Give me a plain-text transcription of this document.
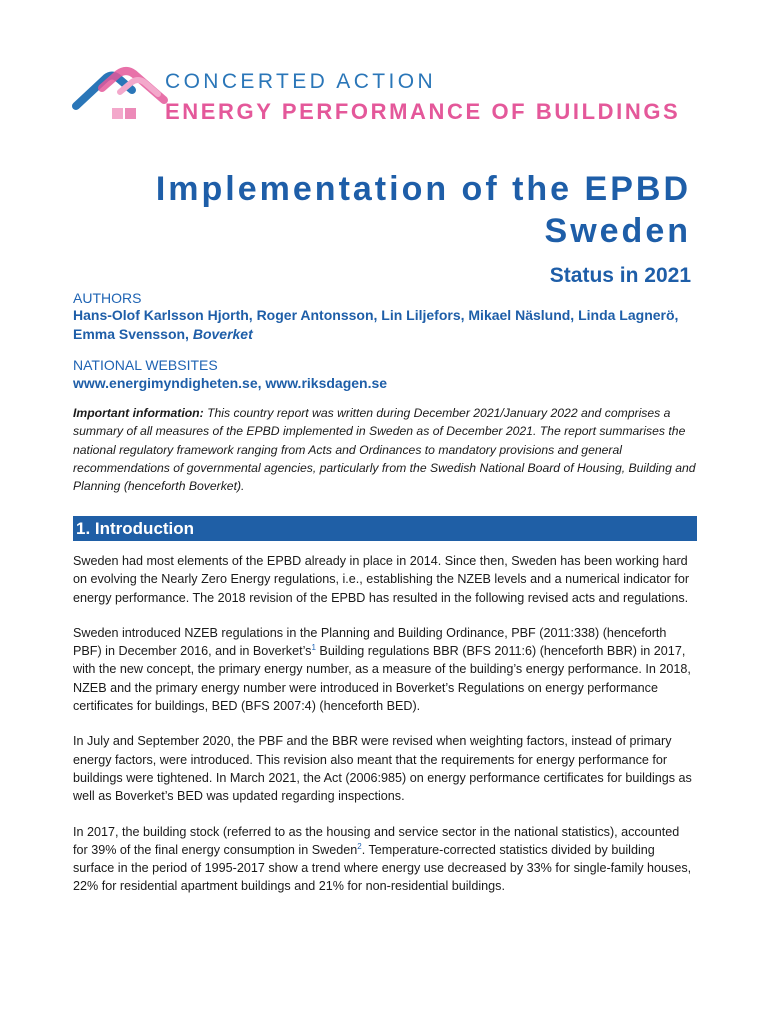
CONCERTED ACTION
ENERGY PERFORMANCE OF BUILDINGS
Implementation of the EPBD
Sweden
Status in 2021
AUTHORS
Hans-Olof Karlsson Hjorth, Roger Antonsson, Lin Liljefors, Mikael Näslund, Linda Lagnerö, Emma Svensson, Boverket
NATIONAL WEBSITES
www.energimyndigheten.se, www.riksdagen.se
Important information: This country report was written during December 2021/January 2022 and comprises a summary of all measures of the EPBD implemented in Sweden as of December 2021. The report summarises the national regulatory framework ranging from Acts and Ordinances to mandatory provisions and general recommendations of governmental agencies, particularly from the Swedish National Board of Housing, Building and Planning (henceforth Boverket).
1. Introduction

Sweden had most elements of the EPBD already in place in 2014. Since then, Sweden has been working hard on evolving the Nearly Zero Energy regulations, i.e., establishing the NZEB levels and a numerical indicator for energy performance. The 2018 revision of the EPBD has resulted in the following revised acts and regulations.

Sweden introduced NZEB regulations in the Planning and Building Ordinance, PBF (2011:338) (henceforth PBF) in December 2016, and in $Boverket’s^1$ Building regulations BBR (BFS 2011:6) (henceforth BBR) in 2017, with the new concept, the primary energy number, as a measure of the building’s energy performance. In 2018, NZEB and the primary energy number were introduced in Boverket’s Regulations on energy performance certificates for buildings, BED (BFS 2007:4) (henceforth BED).

In July and September 2020, the PBF and the BBR were revised when weighting factors, instead of primary energy factors, were introduced. This revision also meant that the requirements for energy performance for buildings were tightened. In March 2021, the Act (2006:985) on energy performance certificates for buildings as well as Boverket’s BED was updated regarding inspections.

In 2017, the building stock (referred to as the housing and service sector in the national statistics), accounted for 39% of the final energy consumption in Sweden$^2$. Temperature-corrected statistics divided by building surface in the period of 1995-2017 show a trend where energy use decreased by 33% for single-family houses, 22% for residential apartment buildings and 21% for non-residential buildings.
